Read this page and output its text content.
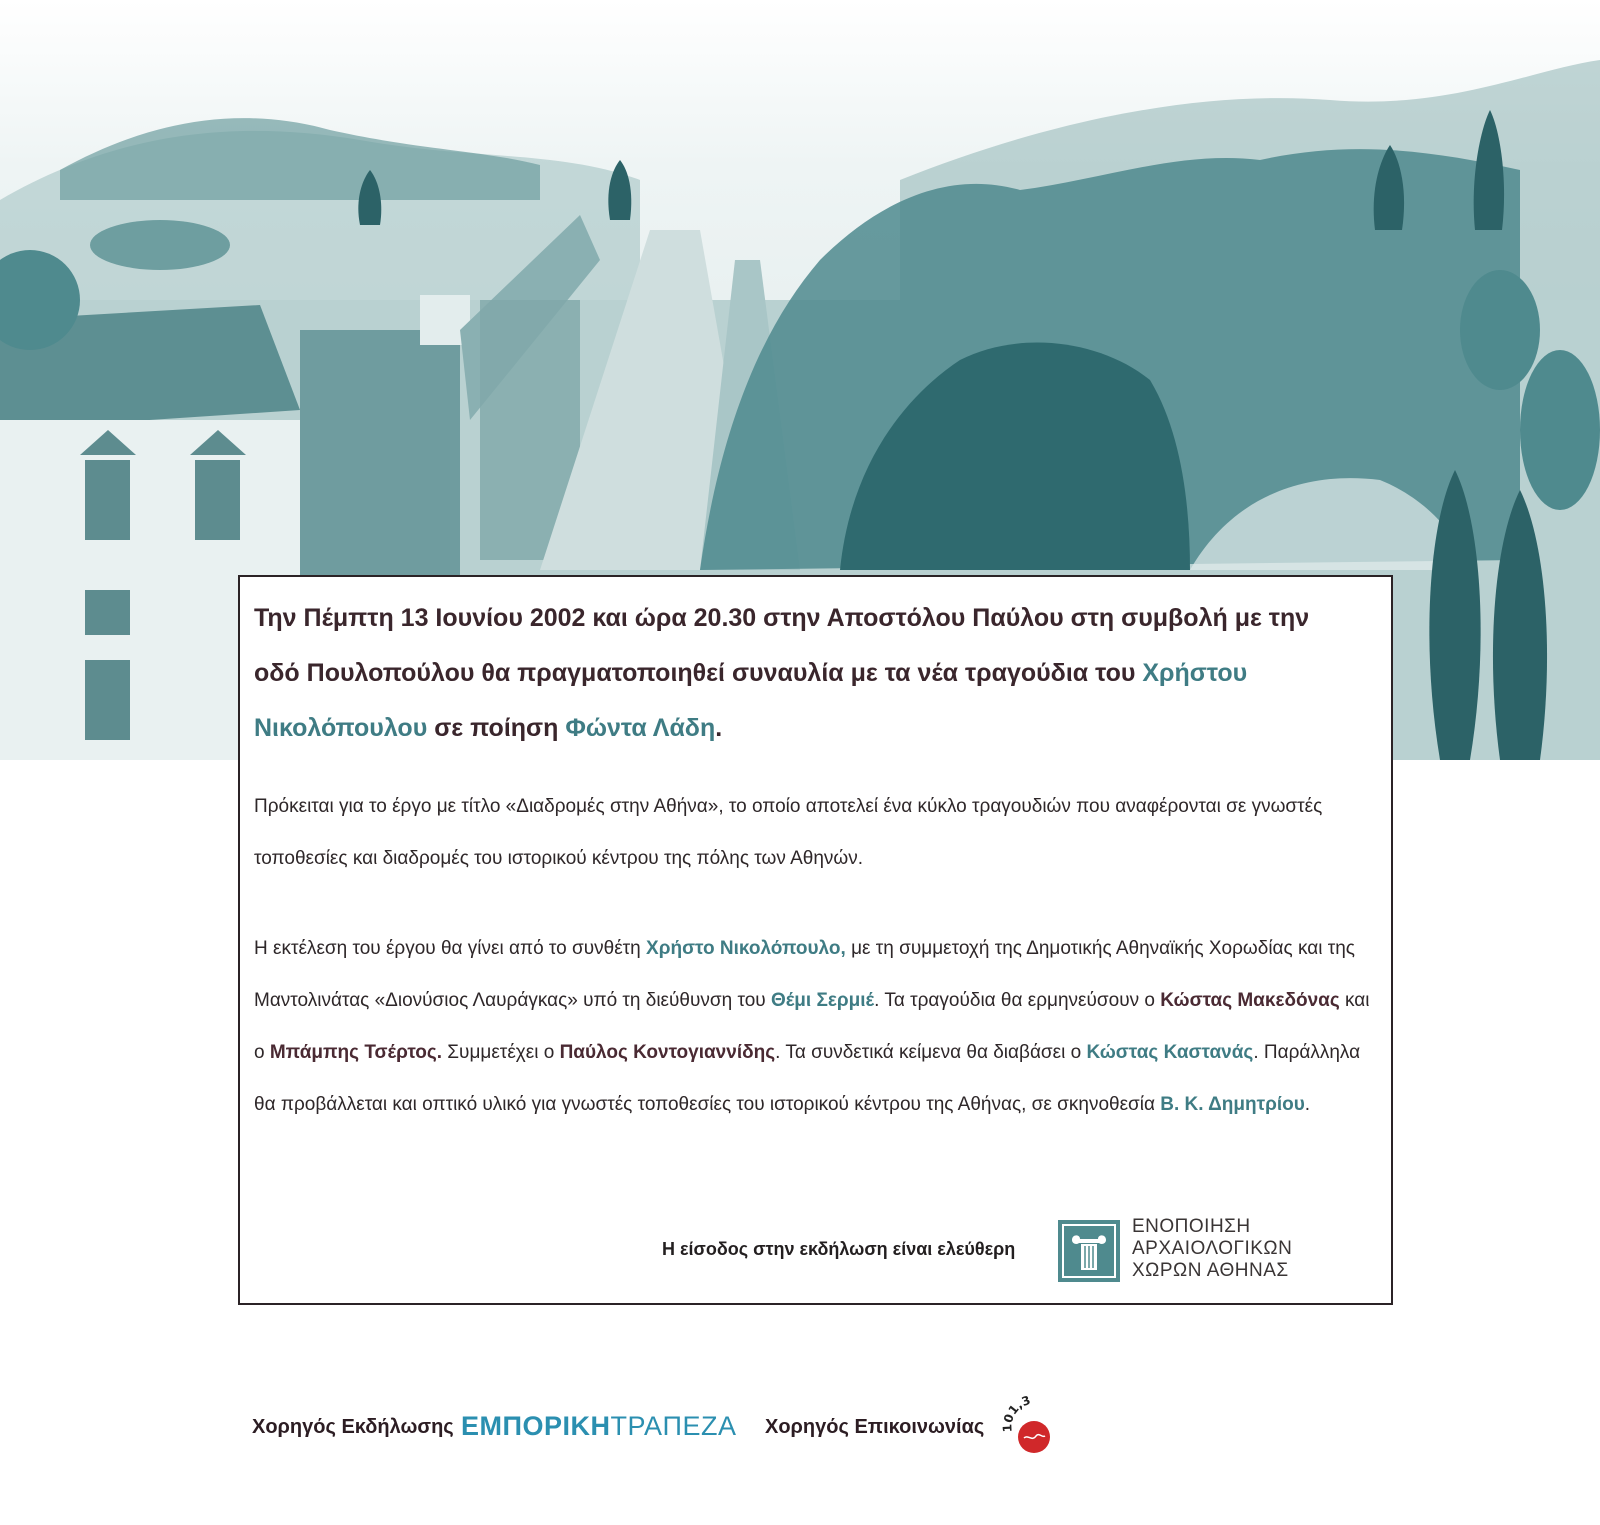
Την Πέμπτη 13 Ιουνίου 2002 και ώρα 20.30 στην Αποστόλου Παύλου στη συμβολή με την οδό Πουλοπούλου θα πραγματοποιηθεί συναυλία με τα νέα τραγούδια του Χρήστου Νικολόπουλου σε ποίηση Φώντα Λάδη.

Πρόκειται για το έργο με τίτλο «Διαδρομές στην Αθήνα», το οποίο αποτελεί ένα κύκλο τραγουδιών που αναφέρονται σε γνωστές τοποθεσίες και διαδρομές του ιστορικού κέντρου της πόλης των Αθηνών.

Η εκτέλεση του έργου θα γίνει από το συνθέτη Χρήστο Νικολόπουλο, με τη συμμετοχή της Δημοτικής Αθηναϊκής Χορωδίας και της Μαντολινάτας «Διονύσιος Λαυράγκας» υπό τη διεύθυνση του Θέμι Σερμιέ. Τα τραγούδια θα ερμηνεύσουν ο Κώστας Μακεδόνας και ο Μπάμπης Τσέρτος. Συμμετέχει ο Παύλος Κοντογιαννίδης. Τα συνδετικά κείμενα θα διαβάσει ο Κώστας Καστανάς. Παράλληλα θα προβάλλεται και οπτικό υλικό για γνωστές τοποθεσίες του ιστορικού κέντρου της Αθήνας, σε σκηνοθεσία Β. Κ. Δημητρίου.

Η είσοδος στην εκδήλωση είναι ελεύθερη

ΕΝΟΠΟΙΗΣΗ
ΑΡΧΑΙΟΛΟΓΙΚΩΝ
ΧΩΡΩΝ ΑΘΗΝΑΣ
Χορηγός Εκδήλωσης ΕΜΠΟΡΙΚΗΤΡΑΠΕΖΑ Χορηγός Επικοινωνίας 101,3
